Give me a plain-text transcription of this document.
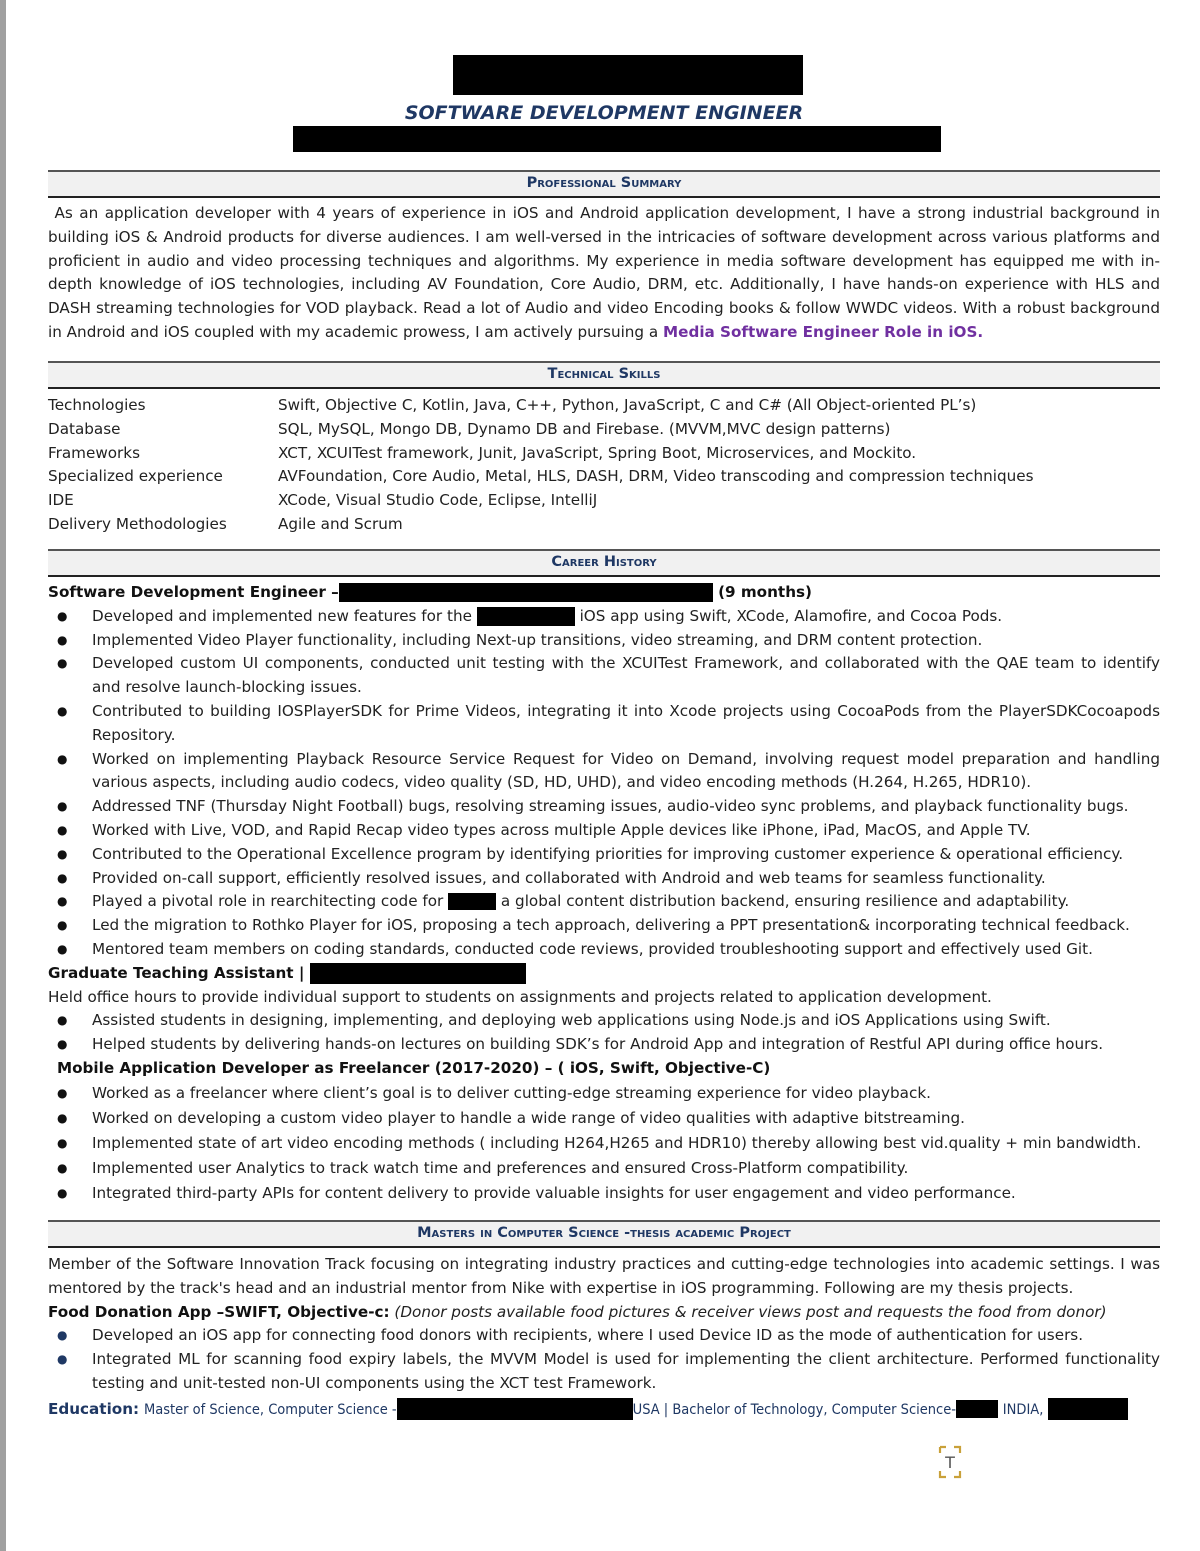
SOFTWARE DEVELOPMENT ENGINEER
Professional Summary
As an application developer with 4 years of experience in iOS and Android application development, I have a strong industrial background in building iOS & Android products for diverse audiences. I am well-versed in the intricacies of software development across various platforms and proficient in audio and video processing techniques and algorithms. My experience in media software development has equipped me with in-depth knowledge of iOS technologies, including AV Foundation, Core Audio, DRM, etc. Additionally, I have hands-on experience with HLS and DASH streaming technologies for VOD playback. Read a lot of Audio and video Encoding books & follow WWDC videos. With a robust background in Android and iOS coupled with my academic prowess, I am actively pursuing a Media Software Engineer Role in iOS.
Technical Skills
Technologies	Swift, Objective C, Kotlin, Java, C++, Python, JavaScript, C and C# (All Object-oriented PL’s)
Database	SQL, MySQL, Mongo DB, Dynamo DB and Firebase. (MVVM,MVC design patterns)
Frameworks	XCT, XCUITest framework, Junit, JavaScript, Spring Boot, Microservices, and Mockito.
Specialized experience	AVFoundation, Core Audio, Metal, HLS, DASH, DRM, Video transcoding and compression techniques
IDE	XCode, Visual Studio Code, Eclipse, IntelliJ
Delivery Methodologies	Agile and Scrum
Career History
Software Development Engineer –	(9 months)
● Developed and implemented new features for the	iOS app using Swift, XCode, Alamofire, and Cocoa Pods.
● Implemented Video Player functionality, including Next-up transitions, video streaming, and DRM content protection.
● Developed custom UI components, conducted unit testing with the XCUITest Framework, and collaborated with the QAE team to identify and resolve launch-blocking issues.
● Contributed to building IOSPlayerSDK for Prime Videos, integrating it into Xcode projects using CocoaPods from the PlayerSDKCocoapods Repository.
● Worked on implementing Playback Resource Service Request for Video on Demand, involving request model preparation and handling various aspects, including audio codecs, video quality (SD, HD, UHD), and video encoding methods (H.264, H.265, HDR10).
● Addressed TNF (Thursday Night Football) bugs, resolving streaming issues, audio-video sync problems, and playback functionality bugs.
● Worked with Live, VOD, and Rapid Recap video types across multiple Apple devices like iPhone, iPad, MacOS, and Apple TV.
● Contributed to the Operational Excellence program by identifying priorities for improving customer experience & operational efficiency.
● Provided on-call support, efficiently resolved issues, and collaborated with Android and web teams for seamless functionality.
● Played a pivotal role in rearchitecting code for	a global content distribution backend, ensuring resilience and adaptability.
● Led the migration to Rothko Player for iOS, proposing a tech approach, delivering a PPT presentation& incorporating technical feedback.
● Mentored team members on coding standards, conducted code reviews, provided troubleshooting support and effectively used Git.
Graduate Teaching Assistant |
Held office hours to provide individual support to students on assignments and projects related to application development.
● Assisted students in designing, implementing, and deploying web applications using Node.js and iOS Applications using Swift.
● Helped students by delivering hands-on lectures on building SDK’s for Android App and integration of Restful API during office hours.
Mobile Application Developer as Freelancer (2017-2020) – ( iOS, Swift, Objective-C)
● Worked as a freelancer where client’s goal is to deliver cutting-edge streaming experience for video playback.
● Worked on developing a custom video player to handle a wide range of video qualities with adaptive bitstreaming.
● Implemented state of art video encoding methods ( including H264,H265 and HDR10) thereby allowing best vid.quality + min bandwidth.
● Implemented user Analytics to track watch time and preferences and ensured Cross-Platform compatibility.
● Integrated third-party APIs for content delivery to provide valuable insights for user engagement and video performance.
Masters in Computer Science -thesis academic Project
Member of the Software Innovation Track focusing on integrating industry practices and cutting-edge technologies into academic settings. I was mentored by the track's head and an industrial mentor from Nike with expertise in iOS programming. Following are my thesis projects.
Food Donation App –SWIFT, Objective-c: (Donor posts available food pictures & receiver views post and requests the food from donor)
● Developed an iOS app for connecting food donors with recipients, where I used Device ID as the mode of authentication for users.
● Integrated ML for scanning food expiry labels, the MVVM Model is used for implementing the client architecture. Performed functionality testing and unit-tested non-UI components using the XCT test Framework.
Education: Master of Science, Computer Science -	USA | Bachelor of Technology, Computer Science-	INDIA,
T
